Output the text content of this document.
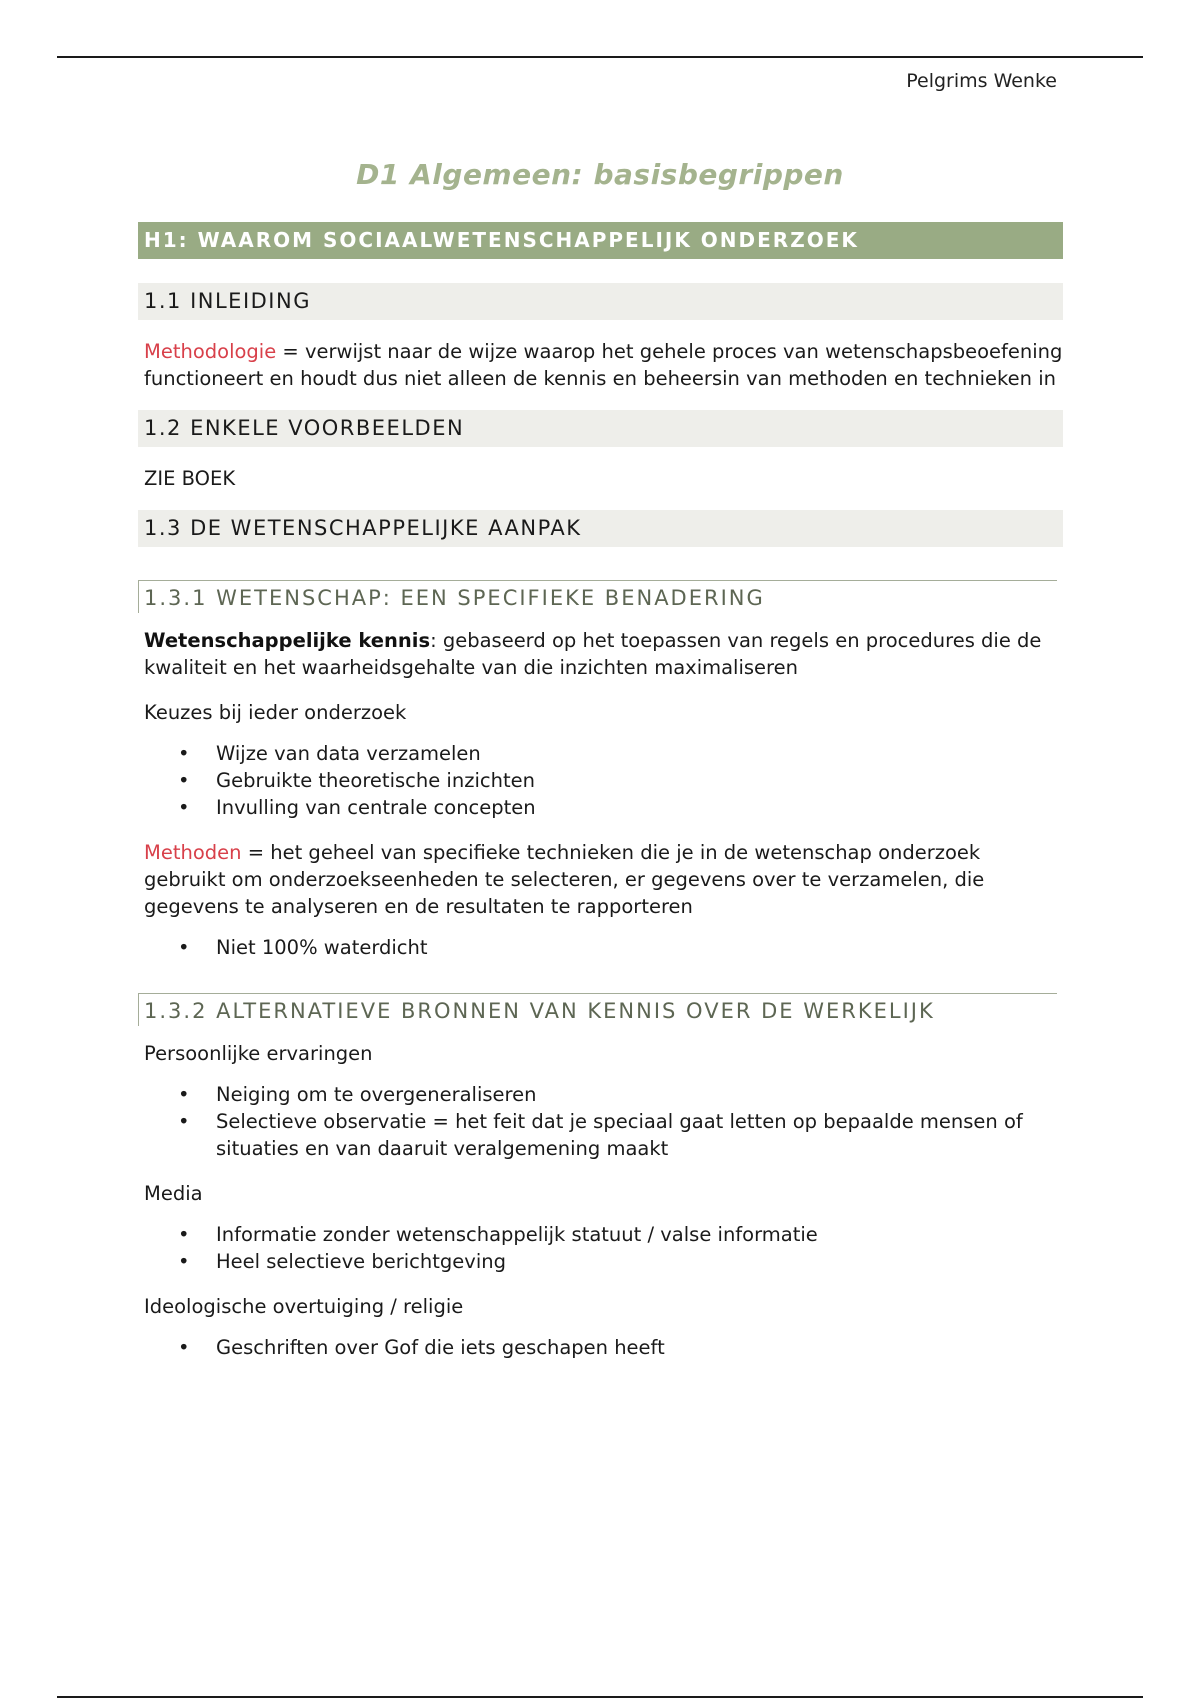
Pelgrims Wenke
D1 Algemeen: basisbegrippen
H1: WAAROM SOCIAALWETENSCHAPPELIJK ONDERZOEK
1.1 INLEIDING

Methodologie = verwijst naar de wijze waarop het gehele proces van wetenschapsbeoefening functioneert en houdt dus niet alleen de kennis en beheersin van methoden en technieken in

1.2 ENKELE VOORBEELDEN

ZIE BOEK

1.3 DE WETENSCHAPPELIJKE AANPAK
1.3.1 WETENSCHAP: EEN SPECIFIEKE BENADERING

Wetenschappelijke kennis: gebaseerd op het toepassen van regels en procedures die de kwaliteit en het waarheidsgehalte van die inzichten maximaliseren

Keuzes bij ieder onderzoek

• Wijze van data verzamelen
• Gebruikte theoretische inzichten
• Invulling van centrale concepten

Methoden = het geheel van specifieke technieken die je in de wetenschap onderzoek gebruikt om onderzoekseenheden te selecteren, er gegevens over te verzamelen, die gegevens te analyseren en de resultaten te rapporteren

• Niet 100% waterdicht
1.3.2 ALTERNATIEVE BRONNEN VAN KENNIS OVER DE WERKELIJK

Persoonlijke ervaringen

• Neiging om te overgeneraliseren
• Selectieve observatie = het feit dat je speciaal gaat letten op bepaalde mensen of situaties en van daaruit veralgemening maakt

Media

• Informatie zonder wetenschappelijk statuut / valse informatie
• Heel selectieve berichtgeving

Ideologische overtuiging / religie

• Geschriften over Gof die iets geschapen heeft
